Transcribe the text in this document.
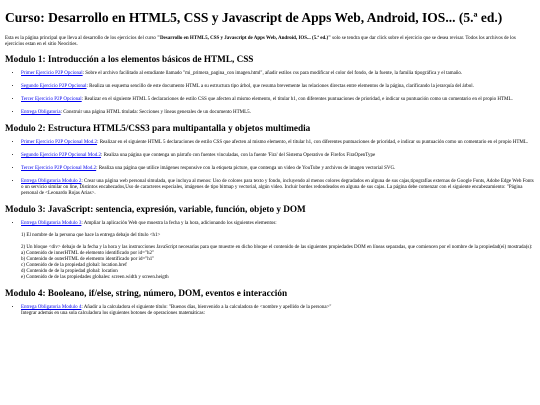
Curso: Desarrollo en HTML5, CSS y Javascript de Apps Web, Android, IOS... (5.ª ed.)

Esta es la página principal que lleva al desarrollo de los ejercicios del curso "Desarrollo en HTML5, CSS y Javascript de Apps Web, Android, IOS... (5.ª ed.)" solo se tendra que dar click sobre el ejercicio que se desea revisar. Todos los archivos de los ejercicios estan en el sitio Neocities.

Modulo 1: Introducción a los elementos básicos de HTML, CSS
• Primer Ejercicio P2P Opcional: Sobre el archivo facilitado al estudiante llamado "mi_primera_pagina_con imagen.html", añadir estilos css para modificar el color del fondo, de la fuente, la familia tipográfica y el tamaño.
• Segundo Ejercicio P2P Opcional: Realiza un esquema sencillo de este documento HTML a su estructura tipo árbol, que resuma brevemente las relaciones directas entre elementos de la página, clarificando la jerarquía del árbol.
• Tercer Ejercicio P2P Opcional: Realizar en el siguiente HTML 5 declaraciones de estilo CSS que afecten al mismo elemento, el titular h1, con diferentes puntuaciones de prioridad, e indicar su puntuación como un comentario en el propio HTML.
• Entrega Obligatoria: Construir una página HTML titulada: Secciones y líneas generales de un documento HTML5.
Modulo 2: Estructura HTML5/CSS3 para multipantalla y objetos multimedia
• Primer Ejercicio P2P Opcional Mod.2: Realizar en el siguiente HTML 5 declaraciones de estilo CSS que afecten al mismo elemento, el titular h1, con diferentes puntuaciones de prioridad, e indicar su puntuación como un comentario en el propio HTML.
• Segundo Ejercicio P2P Opcional Mod.2: Realiza una página que contenga un párrafo con fuentes vinculadas, con la fuente 'Fira' del Sistema Operativo de Firefox FiraOpenType
• Tercer Ejercicio P2P Opcional Mod.2: Realiza una página que utilice imágenes responsive con la etiqueta picture, que contenga un video de YouTube y archivos de imagen vectorial SVG.
• Entrega Obligatoria Modulo 2: Crear una página web personal simulada, que incluya al menos: Uso de colores para texto y fondo, incluyendo al menos colores degradados en alguna de sus cajas,tipografías externas de Google Fonts, Adobe Edge Web Fonts o un servicio similar on line, Distintos encabezados,Uso de caracteres especiales, imágenes de tipo bitmap y vectorial, algún video. Incluir bordes redondeados en alguna de sus cajas. La página debe comenzar con el siguiente encabezamiento: "Página personal de <Leonardo Rojas Arias>.
Modulo 3: JavaScript: sentencia, expresión, variable, función, objeto y DOM
• Entrega Obligatoria Modulo 3: Ampliar la aplicación Web que muestra la fecha y la hora, adicionando los siguientes elementos:
1) El nombre de la persona que hace la entrega debajo del titulo <h1>
2) Un bloque <div> debajo de la fecha y la hora y las instrucciones JavaScript necesarias para que muestre en dicho bloque el contenido de las siguientes propiedades DOM en líneas separadas, que comiencen por el nombre de la propiedad(ei) mostrada(s):
a) Contenido de innerHTML de elemento identificado por id="h2"
b) Contenido de outerHTML de elemento identificado por id="h1"
c) Contenido de de la propiedad global: location.href
d) Contenido de de la propiedad global: location
e) Contenido de de las propiedades globales: screen.width y screen.heigth
Modulo 4: Booleano, if/else, string, número, DOM, eventos e interacción
• Entrega Obligatoria Modulo 4: Añadir a la calculadora el siguiente título: "Buenos días, bienvenido a la calculadora de <nombre y apellido de la persona>"
Integrar además en una sola calculadora los siguientes botones de operaciones matemáticas:
